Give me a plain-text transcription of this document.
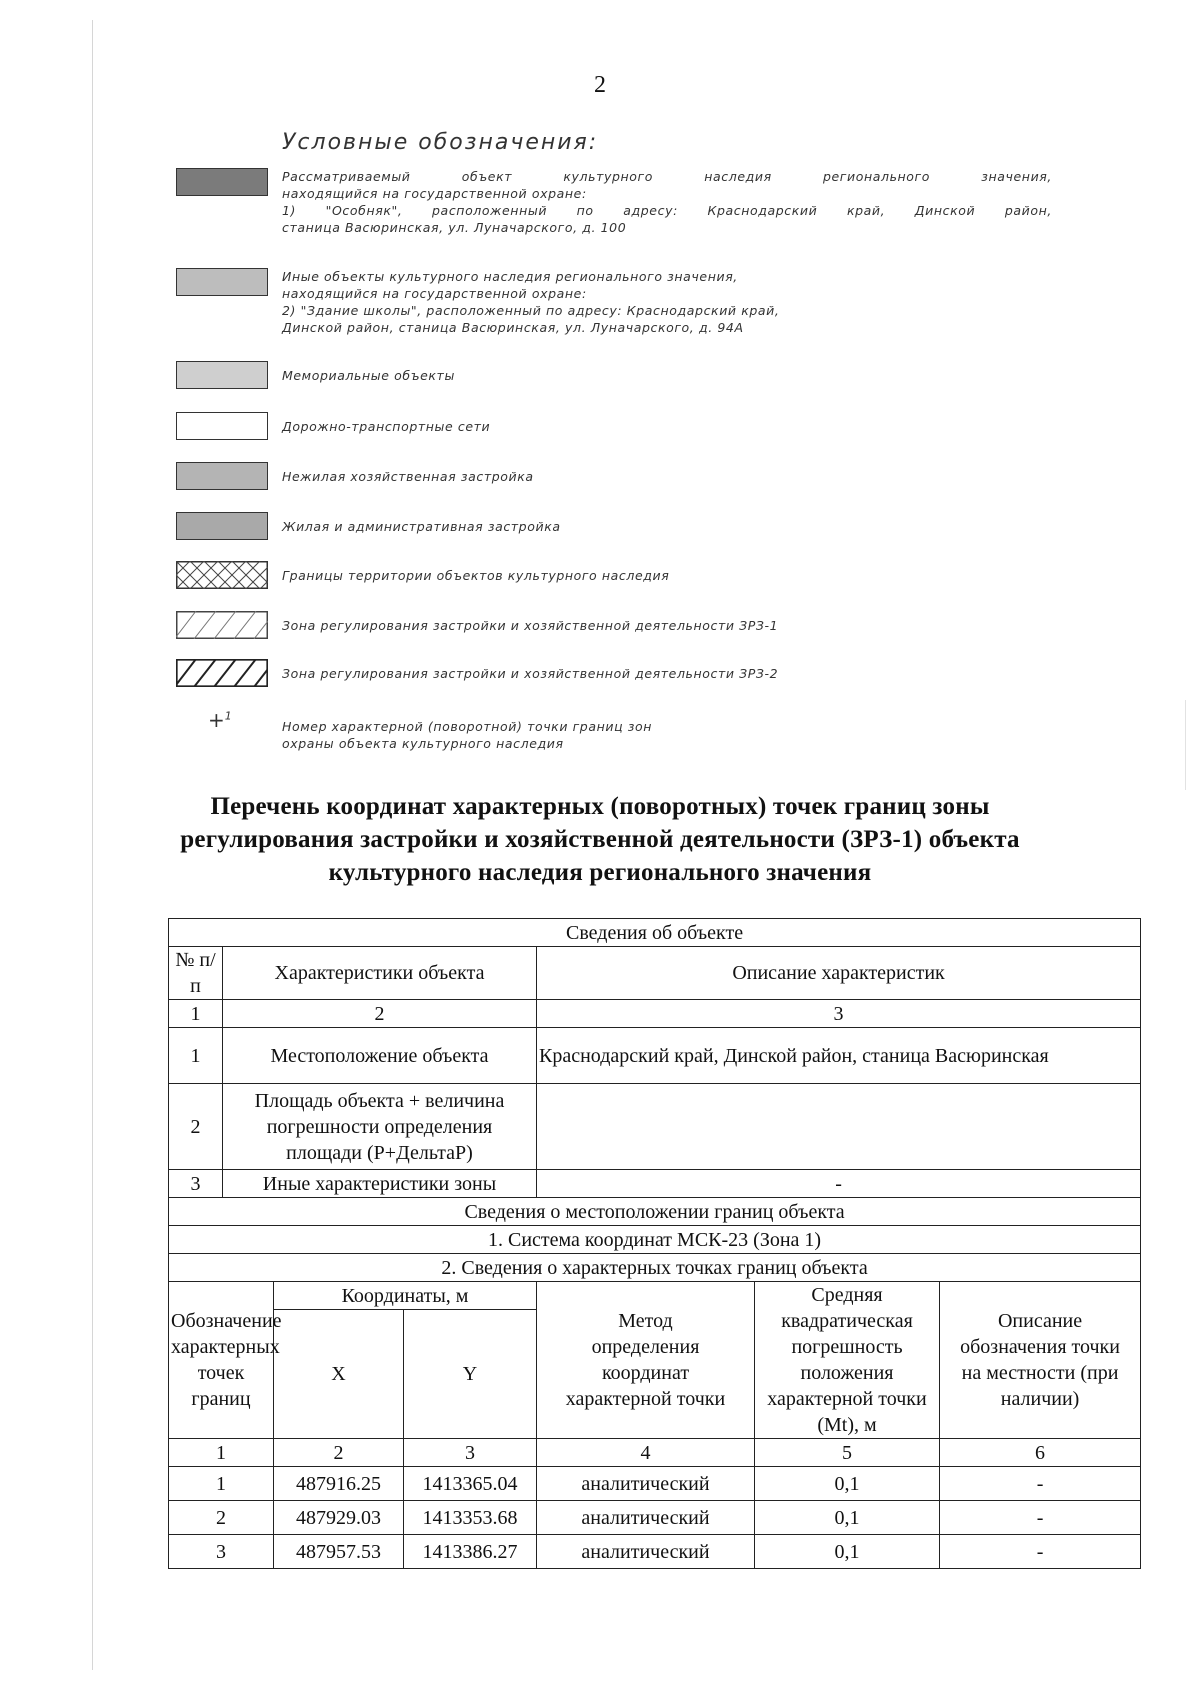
2
Условные обозначения:
Рассматриваемый объект культурного наследия регионального значения,
находящийся на государственной охране:
1) "Особняк", расположенный по адресу: Краснодарский край, Динской район,
станица Васюринская, ул. Луначарского, д. 100
Иные объекты культурного наследия регионального значения,
находящийся на государственной охране:
2) "Здание школы", расположенный по адресу: Краснодарский край,
Динской район, станица Васюринская, ул. Луначарского, д. 94А
Мемориальные объекты
Дорожно-транспортные сети
Нежилая хозяйственная застройка
Жилая и административная застройка
Границы территории объектов культурного наследия
Зона регулирования застройки и хозяйственной деятельности ЗРЗ-1
Зона регулирования застройки и хозяйственной деятельности ЗРЗ-2
+$^1$
Номер характерной (поворотной) точки границ зон
охраны объекта культурного наследия
Перечень координат характерных (поворотных) точек границ зоны
регулирования застройки и хозяйственной деятельности (ЗРЗ-1) объекта
культурного наследия регионального значения
Сведения об объекте						
№ п/п	Характеристики объекта			Описание характеристик		
1	2			3		
1	Местоположение объекта			Краснодарский край, Динской район, станица Васюринская		
2	Площадь объекта + величина погрешности определения площади (P+ДельтаP)					
3	Иные характеристики зоны			-		
Сведения о местоположении границ объекта						
1. Система координат МСК-23 (Зона 1)						
2. Сведения о характерных точках границ объекта						
Обозначение характерных точек границ		Координаты, м		Метод определения координат характерной точки	Средняя квадратическая погрешность положения характерной точки (Mt), м	Описание обозначения точки на местности (при наличии)
		X	Y			
1		2	3	4	5	6
1		487916.25	1413365.04	аналитический	0,1	-
2		487929.03	1413353.68	аналитический	0,1	-
3		487957.53	1413386.27	аналитический	0,1	-
